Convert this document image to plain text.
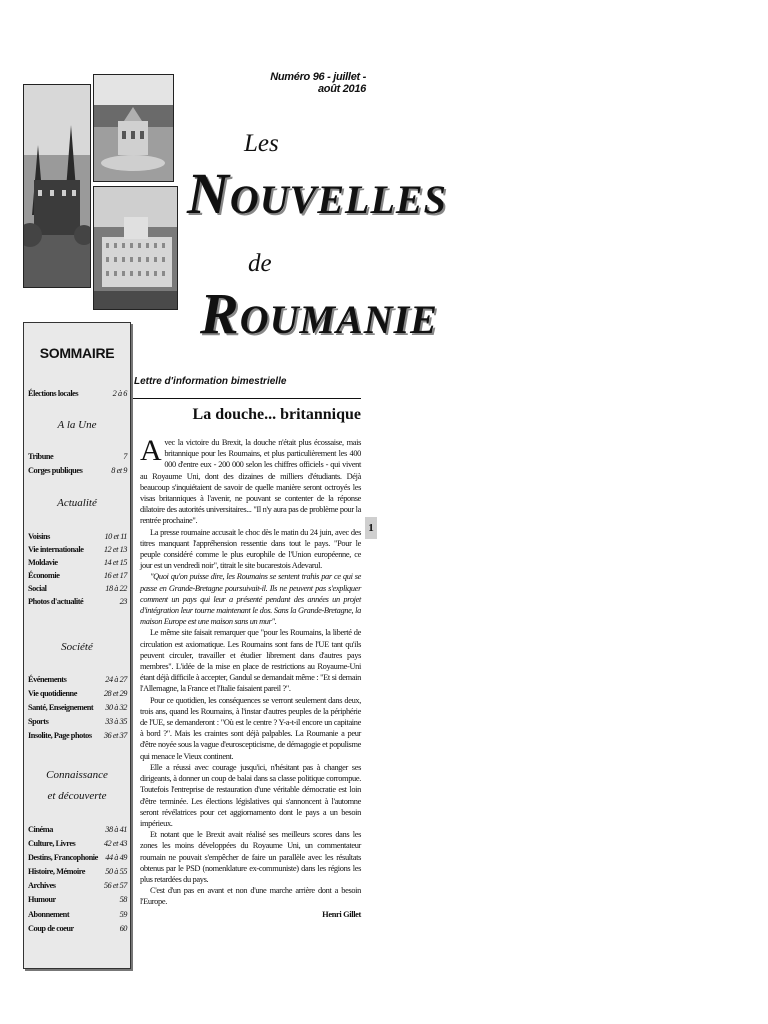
Numéro 96 - juillet - août 2016
Les
NOUVELLES
de
ROUMANIE
Lettre d'information bimestrielle
La douche... britannique

Avec la victoire du Brexit, la douche n'était plus écossaise, mais britannique pour les Roumains, et plus particulièrement les 400 000 d'entre eux - 200 000 selon les chiffres officiels - qui vivent au Royaume Uni, dont des dizaines de milliers d'étudiants. Déjà beaucoup s'inquiétaient de savoir de quelle manière seront octroyés les visas britanniques à l'avenir, ne pouvant se contenter de la réponse dilatoire des autorités universitaires... "Il n'y aura pas de problème pour la rentrée prochaine".

La presse roumaine accusait le choc dès le matin du 24 juin, avec des titres manquant l'appréhension ressentie dans tout le pays. "Pour le peuple considéré comme le plus europhile de l'Union européenne, ce jour est un vendredi noir", titrait le site bucarestois Adevarul.

"Quoi qu'on puisse dire, les Roumains se sentent trahis par ce qui se passe en Grande-Bretagne poursuivait-il. Ils ne peuvent pas s'expliquer comment un pays qui leur a présenté pendant des années un projet d'intégration leur tourne maintenant le dos. Sans la Grande-Bretagne, la maison Europe est une maison sans un mur".

Le même site faisait remarquer que "pour les Roumains, la liberté de circulation est axiomatique. Les Roumains sont fans de l'UE tant qu'ils peuvent circuler, travailler et étudier librement dans d'autres pays membres". L'idée de la mise en place de restrictions au Royaume-Uni étant déjà difficile à accepter, Gandul se demandait même : "Et si demain l'Allemagne, la France et l'Italie faisaient pareil ?".

Pour ce quotidien, les conséquences se verront seulement dans deux, trois ans, quand les Roumains, à l'instar d'autres peuples de la périphérie de l'UE, se demanderont : "Où est le centre ? Y-a-t-il encore un capitaine à bord ?". Mais les craintes sont déjà palpables. La Roumanie a peur d'être noyée sous la vague d'euroscepticisme, de démagogie et populisme qui menace le Vieux continent.

Elle a réussi avec courage jusqu'ici, n'hésitant pas à changer ses dirigeants, à donner un coup de balai dans sa classe politique corrompue. Toutefois l'entreprise de restauration d'une véritable démocratie est loin d'être terminée. Les élections législatives qui s'annoncent à l'automne seront révélatrices pour cet aggiornamento dont le pays a un besoin impérieux.

Et notant que le Brexit avait réalisé ses meilleurs scores dans les zones les moins développées du Royaume Uni, un commentateur roumain ne pouvait s'empêcher de faire un parallèle avec les résultats obtenus par le PSD (nomenklature ex-communiste) dans les régions les plus retardées du pays.

C'est d'un pas en avant et non d'une marche arrière dont a besoin l'Europe.

Henri Gillet
1
SOMMAIRE
Élections locales	2 à 6
A la Une
Tribune	7
Corges publiques	8 et 9
Actualité
Voisins	10 et 11
Vie internationale 12 et 13
Moldavie	14 et 15
Économie	16 et 17
Social	18 à 22
Photos d'actualité	23
Société
Événements	24 à 27
Vie quotidienne	28 et 29
Santé, Enseignement 30 à 32
Sports	33 à 35
Insolite, Page photos 36 et 37
Connaissance
et découverte
Cinéma	38 à 41
Culture, Livres	42 et 43
Destins, Francophonie 44 à 49
Histoire, Mémoire 50 à 55
Archives	56 et 57
Humour	58
Abonnement	59
Coup de coeur	60
